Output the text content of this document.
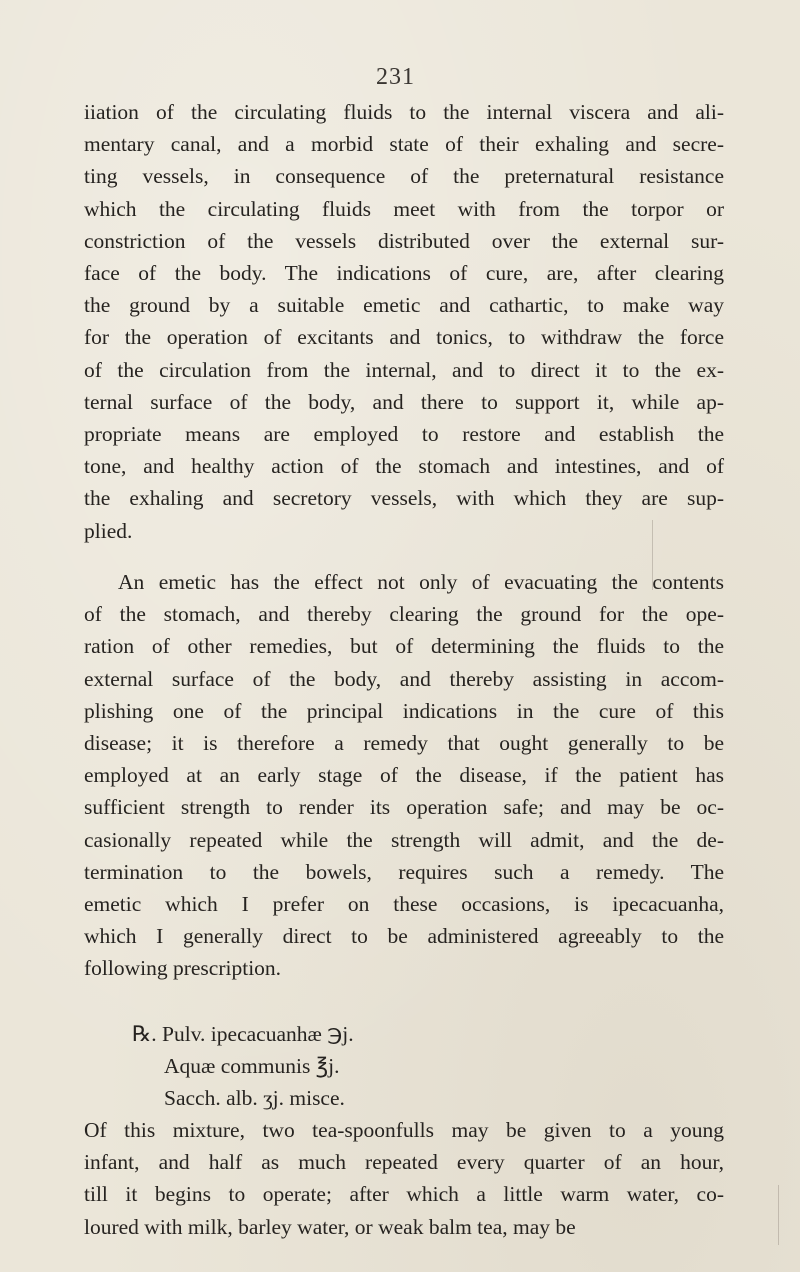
231
iiation of the circulating fluids to the internal viscera and ali-
mentary canal, and a morbid state of their exhaling and secre-
ting vessels, in consequence of the preternatural resistance
which the circulating fluids meet with from the torpor or
constriction of the vessels distributed over the external sur-
face of the body. The indications of cure, are, after clearing
the ground by a suitable emetic and cathartic, to make way
for the operation of excitants and tonics, to withdraw the force
of the circulation from the internal, and to direct it to the ex-
ternal surface of the body, and there to support it, while ap-
propriate means are employed to restore and establish the
tone, and healthy action of the stomach and intestines, and of
the exhaling and secretory vessels, with which they are sup-
plied.
An emetic has the effect not only of evacuating the contents
of the stomach, and thereby clearing the ground for the ope-
ration of other remedies, but of determining the fluids to the
external surface of the body, and thereby assisting in accom-
plishing one of the principal indications in the cure of this
disease; it is therefore a remedy that ought generally to be
employed at an early stage of the disease, if the patient has
sufficient strength to render its operation safe; and may be oc-
casionally repeated while the strength will admit, and the de-
termination to the bowels, requires such a remedy. The
emetic which I prefer on these occasions, is ipecacuanha,
which I generally direct to be administered agreeably to the
following prescription.
℞. Pulv. ipecacuanhæ ℈j.
Aquæ communis ℥j.
Sacch. alb. ʒj. misce.
Of this mixture, two tea-spoonfulls may be given to a young
infant, and half as much repeated every quarter of an hour,
till it begins to operate; after which a little warm water, co-
loured with milk, barley water, or weak balm tea, may be
